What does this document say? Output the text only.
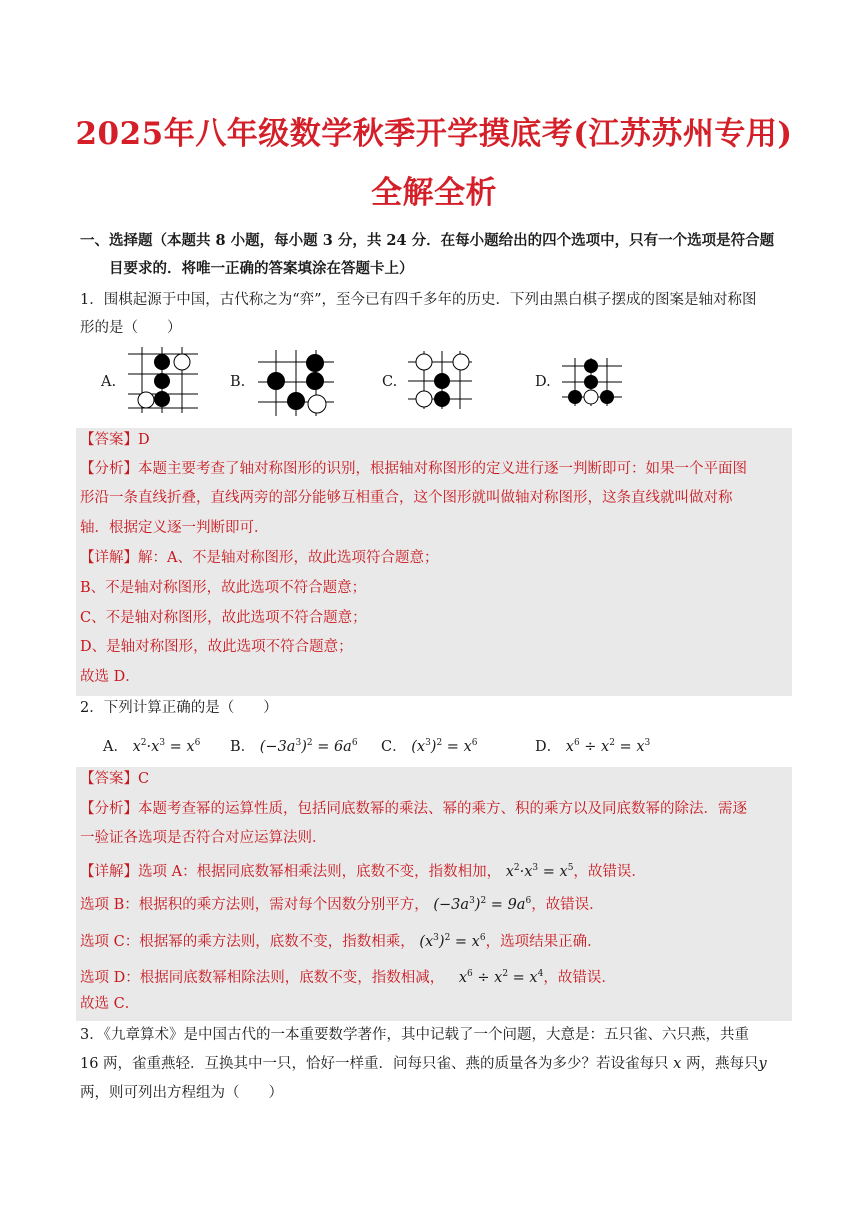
2025年八年级数学秋季开学摸底考(江苏苏州专用)
全解全析
一、选择题（本题共 8 小题，每小题 3 分，共 24 分．在每小题给出的四个选项中，只有一个选项是符合题
目要求的．将唯一正确的答案填涂在答题卡上）
1．围棋起源于中国，古代称之为“弈”，至今已有四千多年的历史．下列由黑白棋子摆成的图案是轴对称图
形的是（　　）
A.	B.	C.	D.
【答案】D
【分析】本题主要考查了轴对称图形的识别，根据轴对称图形的定义进行逐一判断即可：如果一个平面图
形沿一条直线折叠，直线两旁的部分能够互相重合，这个图形就叫做轴对称图形，这条直线就叫做对称
轴．根据定义逐一判断即可．
【详解】解：A、不是轴对称图形，故此选项符合题意；
B、不是轴对称图形，故此选项不符合题意；
C、不是轴对称图形，故此选项不符合题意；
D、是轴对称图形，故此选项不符合题意；
故选 D．
2．下列计算正确的是（　　）
A． $x^2\cdot x^3 = x^6$ B． $(-3a^3)^2 = 6a^6$ C． $(x^3)^2 = x^6$	D． $x^6 \div x^2 = x^3$
【答案】C
【分析】本题考查幂的运算性质，包括同底数幂的乘法、幂的乘方、积的乘方以及同底数幂的除法．需逐
一验证各选项是否符合对应运算法则．
【详解】选项 A：根据同底数幂相乘法则，底数不变，指数相加， $x^2\cdot x^3 = x^5$，故错误．
选项 B：根据积的乘方法则，需对每个因数分别平方， $(-3a^3)^2 = 9a^6$，故错误．
选项 C：根据幂的乘方法则，底数不变，指数相乘， $(x^3)^2 = x^6$，选项结果正确．
选项 D：根据同底数幂相除法则，底数不变，指数相减， $x^6 \div x^2 = x^4$，故错误．
故选 C．
3．《九章算术》是中国古代的一本重要数学著作，其中记载了一个问题，大意是：五只雀、六只燕，共重
16 两，雀重燕轻．互换其中一只，恰好一样重．问每只雀、燕的质量各为多少？若设雀每只 x 两，燕每只y
两，则可列出方程组为（　　）
